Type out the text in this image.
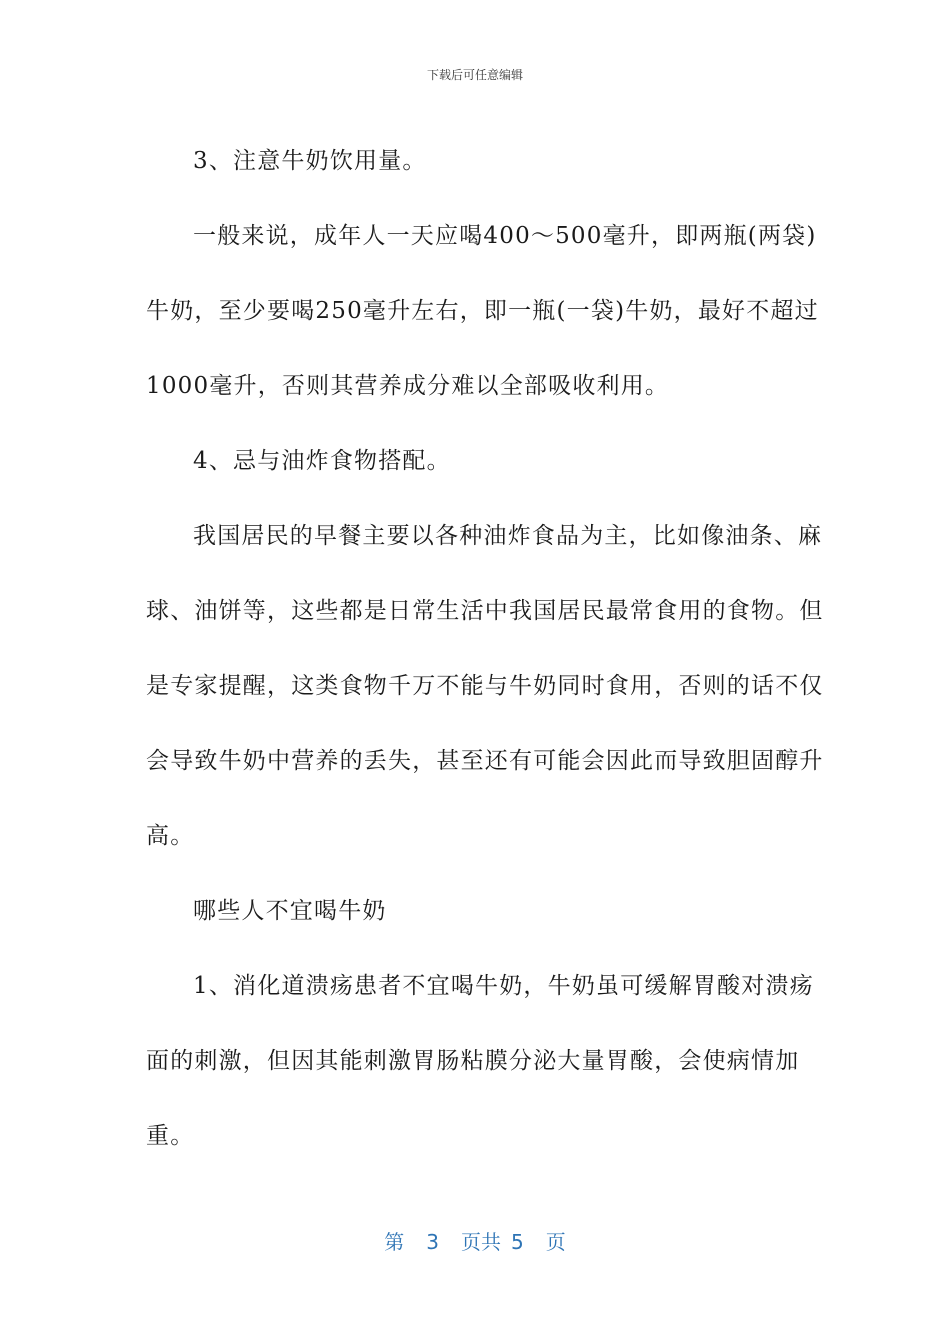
下载后可任意编辑

3、注意牛奶饮用量。

一般来说，成年人一天应喝400～500毫升，即两瓶(两袋)牛奶，至少要喝250毫升左右，即一瓶(一袋)牛奶，最好不超过1000毫升，否则其营养成分难以全部吸收利用。

4、忌与油炸食物搭配。

我国居民的早餐主要以各种油炸食品为主，比如像油条、麻球、油饼等，这些都是日常生活中我国居民最常食用的食物。但是专家提醒，这类食物千万不能与牛奶同时食用，否则的话不仅会导致牛奶中营养的丢失，甚至还有可能会因此而导致胆固醇升高。

哪些人不宜喝牛奶

1、消化道溃疡患者不宜喝牛奶，牛奶虽可缓解胃酸对溃疡面的刺激，但因其能刺激胃肠粘膜分泌大量胃酸，会使病情加重。

第 3 页共 5 页
